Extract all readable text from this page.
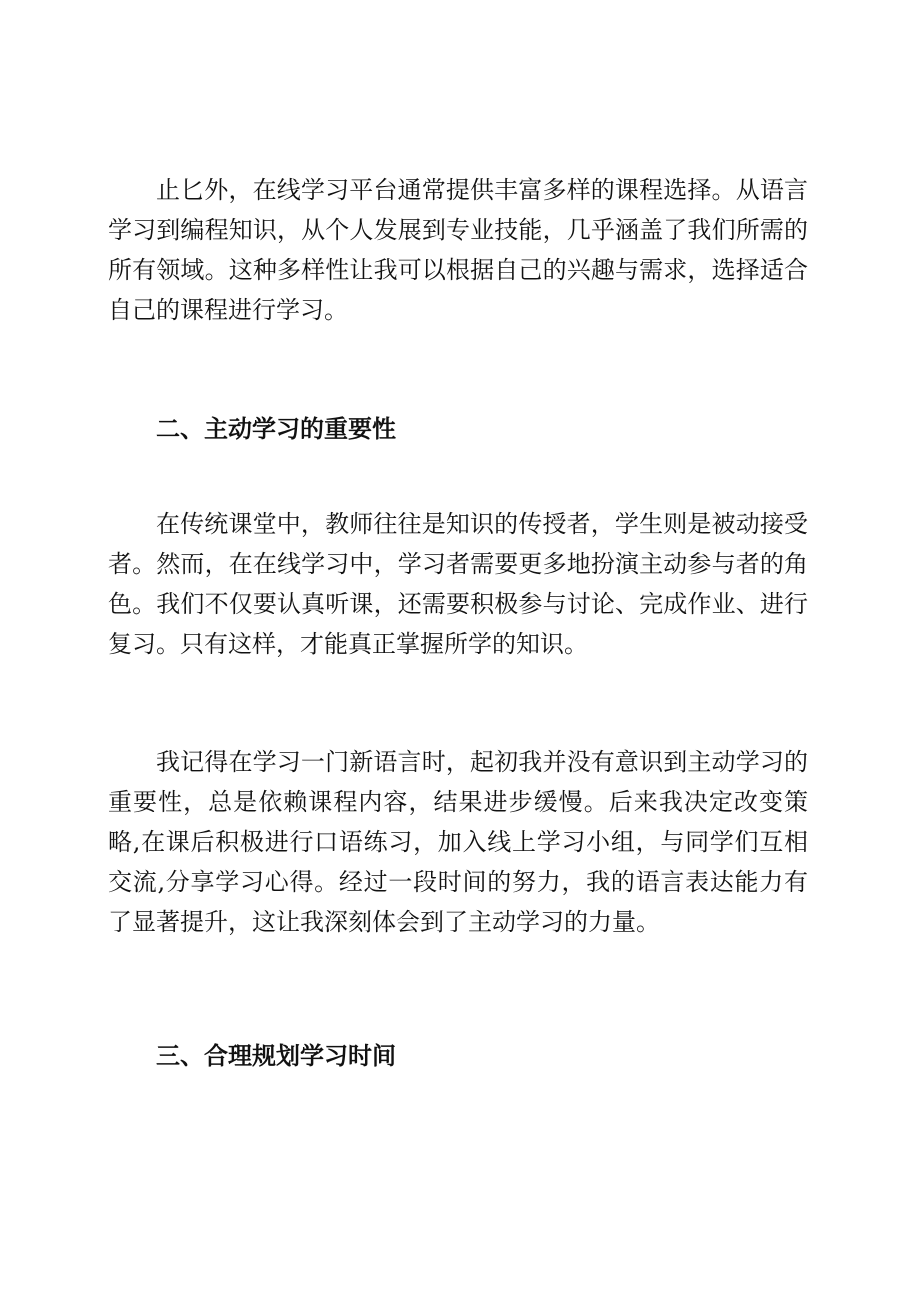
止匕外，在线学习平台通常提供丰富多样的课程选择。从语言学习到编程知识，从个人发展到专业技能，几乎涵盖了我们所需的所有领域。这种多样性让我可以根据自己的兴趣与需求，选择适合自己的课程进行学习。

二、主动学习的重要性

在传统课堂中，教师往往是知识的传授者，学生则是被动接受者。然而，在在线学习中，学习者需要更多地扮演主动参与者的角色。我们不仅要认真听课，还需要积极参与讨论、完成作业、进行复习。只有这样，才能真正掌握所学的知识。

我记得在学习一门新语言时，起初我并没有意识到主动学习的重要性，总是依赖课程内容，结果进步缓慢。后来我决定改变策略,在课后积极进行口语练习，加入线上学习小组，与同学们互相交流,分享学习心得。经过一段时间的努力，我的语言表达能力有了显著提升，这让我深刻体会到了主动学习的力量。

三、合理规划学习时间
